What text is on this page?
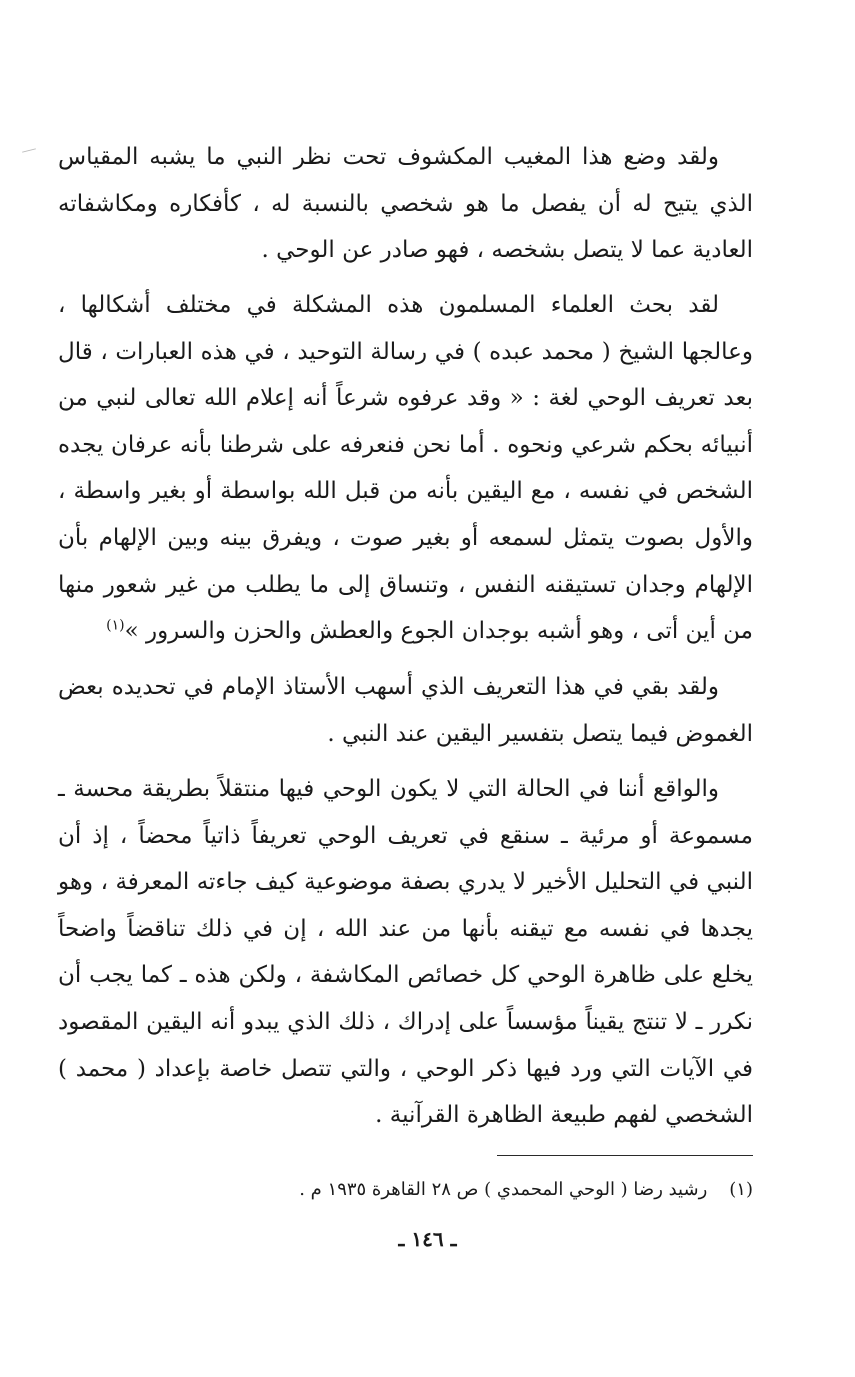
ولقد وضع هذا المغيب المكشوف تحت نظر النبي ما يشبه المقياس الذي يتيح له أن يفصل ما هو شخصي بالنسبة له ، كأفكاره ومكاشفاته العادية عما لا يتصل بشخصه ، فهو صادر عن الوحي .

لقد بحث العلماء المسلمون هذه المشكلة في مختلف أشكالها ، وعالجها الشيخ ( محمد عبده ) في رسالة التوحيد ، في هذه العبارات ، قال بعد تعريف الوحي لغة : « وقد عرفوه شرعاً أنه إعلام الله تعالى لنبي من أنبيائه بحكم شرعي ونحوه . أما نحن فنعرفه على شرطنا بأنه عرفان يجده الشخص في نفسه ، مع اليقين بأنه من قبل الله بواسطة أو بغير واسطة ، والأول بصوت يتمثل لسمعه أو بغير صوت ، ويفرق بينه وبين الإلهام بأن الإلهام وجدان تستيقنه النفس ، وتنساق إلى ما يطلب من غير شعور منها من أين أتى ، وهو أشبه بوجدان الجوع والعطش والحزن والسرور »$^{(١)}$

ولقد بقي في هذا التعريف الذي أسهب الأستاذ الإمام في تحديده بعض الغموض فيما يتصل بتفسير اليقين عند النبي .

والواقع أننا في الحالة التي لا يكون الوحي فيها منتقلاً بطريقة محسة ـ مسموعة أو مرئية ـ سنقع في تعريف الوحي تعريفاً ذاتياً محضاً ، إذ أن النبي في التحليل الأخير لا يدري بصفة موضوعية كيف جاءته المعرفة ، وهو يجدها في نفسه مع تيقنه بأنها من عند الله ، إن في ذلك تناقضاً واضحاً يخلع على ظاهرة الوحي كل خصائص المكاشفة ، ولكن هذه ـ كما يجب أن نكرر ـ لا تنتج يقيناً مؤسساً على إدراك ، ذلك الذي يبدو أنه اليقين المقصود في الآيات التي ورد فيها ذكر الوحي ، والتي تتصل خاصة بإعداد ( محمد ) الشخصي لفهم طبيعة الظاهرة القرآنية .

(١)رشيد رضا ( الوحي المحمدي ) ص ٢٨ القاهرة ١٩٣٥ م .
ـ ١٤٦ ـ
